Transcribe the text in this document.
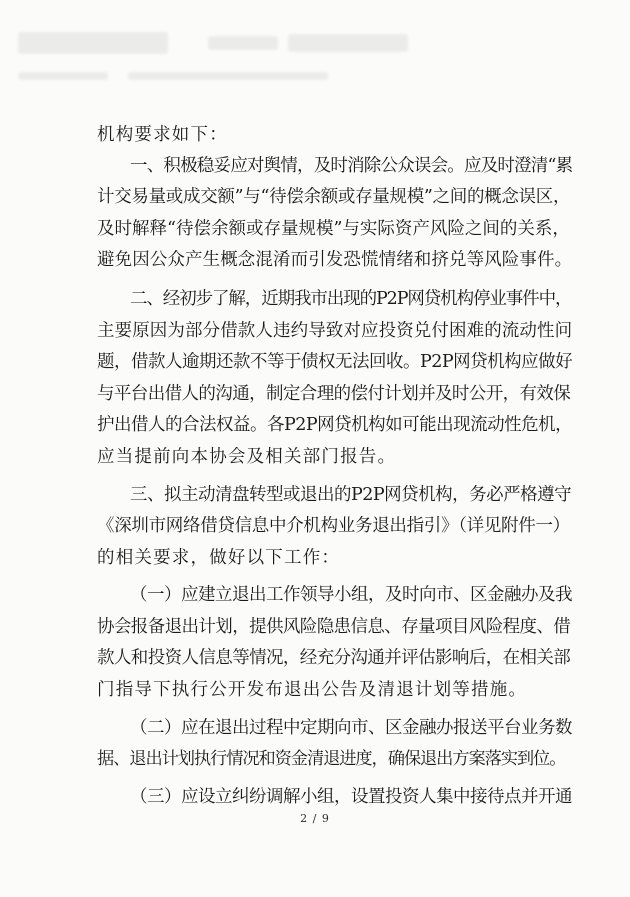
机构要求如下：

一、积极稳妥应对舆情，及时消除公众误会。应及时澄清“累

计交易量或成交额”与“待偿余额或存量规模”之间的概念误区，

及时解释“待偿余额或存量规模”与实际资产风险之间的关系，

避免因公众产生概念混淆而引发恐慌情绪和挤兑等风险事件。

二、经初步了解，近期我市出现的P2P网贷机构停业事件中，

主要原因为部分借款人违约导致对应投资兑付困难的流动性问

题，借款人逾期还款不等于债权无法回收。P2P网贷机构应做好

与平台出借人的沟通，制定合理的偿付计划并及时公开，有效保

护出借人的合法权益。各P2P网贷机构如可能出现流动性危机，

应当提前向本协会及相关部门报告。

三、拟主动清盘转型或退出的P2P网贷机构，务必严格遵守

《深圳市网络借贷信息中介机构业务退出指引》（详见附件一）

的相关要求，做好以下工作：

（一）应建立退出工作领导小组，及时向市、区金融办及我

协会报备退出计划，提供风险隐患信息、存量项目风险程度、借

款人和投资人信息等情况，经充分沟通并评估影响后，在相关部

门指导下执行公开发布退出公告及清退计划等措施。

（二）应在退出过程中定期向市、区金融办报送平台业务数

据、退出计划执行情况和资金清退进度，确保退出方案落实到位。

（三）应设立纠纷调解小组，设置投资人集中接待点并开通

2 / 9
